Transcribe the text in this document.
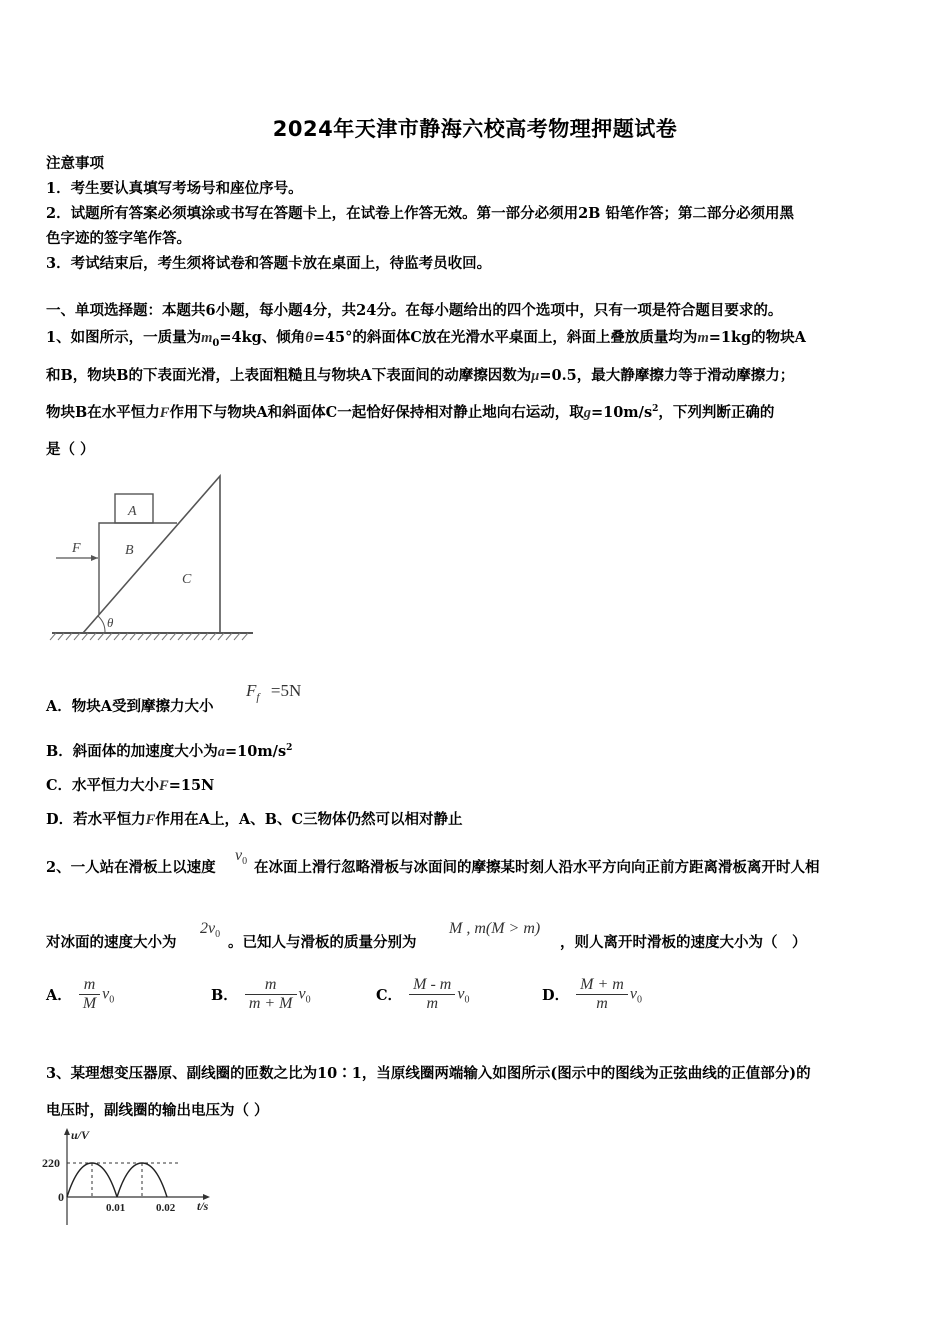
2024年天津市静海六校高考物理押题试卷
注意事项
1．考生要认真填写考场号和座位序号。
2．试题所有答案必须填涂或书写在答题卡上，在试卷上作答无效。第一部分必须用2B 铅笔作答；第二部分必须用黑
色字迹的签字笔作答。
3．考试结束后，考生须将试卷和答题卡放在桌面上，待监考员收回。
一、单项选择题：本题共6小题，每小题4分，共24分。在每小题给出的四个选项中，只有一项是符合题目要求的。
1、如图所示，一质量为$m_0=4kg$、倾角θ=45°的斜面体C放在光滑水平桌面上，斜面上叠放质量均为m=1kg的物块A
和B，物块B的下表面光滑，上表面粗糙且与物块A下表面间的动摩擦因数为μ=0.5，最大静摩擦力等于滑动摩擦力；
物块B在水平恒力F作用下与物块A和斜面体C一起恰好保持相对静止地向右运动，取$g=10m/s^2$，下列判断正确的
是（ ）
A
B
C
F
θ
A．物块A受到摩擦力大小
$F_f =5N$
B．斜面体的加速度大小为$a=10m/s^2$
C．水平恒力大小F=15N
D．若水平恒力F作用在A上，A、B、C三物体仍然可以相对静止
2、一人站在滑板上以速度
$v_0$ 在冰面上滑行忽略滑板与冰面间的摩擦某时刻人沿水平方向向正前方距离滑板离开时人相
对冰面的速度大小为
$2v_0$ 。已知人与滑板的质量分别为
M , m(M > m)
，则人离开时滑板的速度大小为（　）
A． $\frac{m}{M} v_0$	B． $\frac{m}{m + M} v_0$	C． $\frac{M - m}{m} v_0$	D． $\frac{M + m}{m} v_0$
3、某理想变压器原、副线圈的匝数之比为10∶1，当原线圈两端输入如图所示(图示中的图线为正弦曲线的正值部分)的
电压时，副线圈的输出电压为（ ）
u/V
t/s
220
0
0.01	0.02
